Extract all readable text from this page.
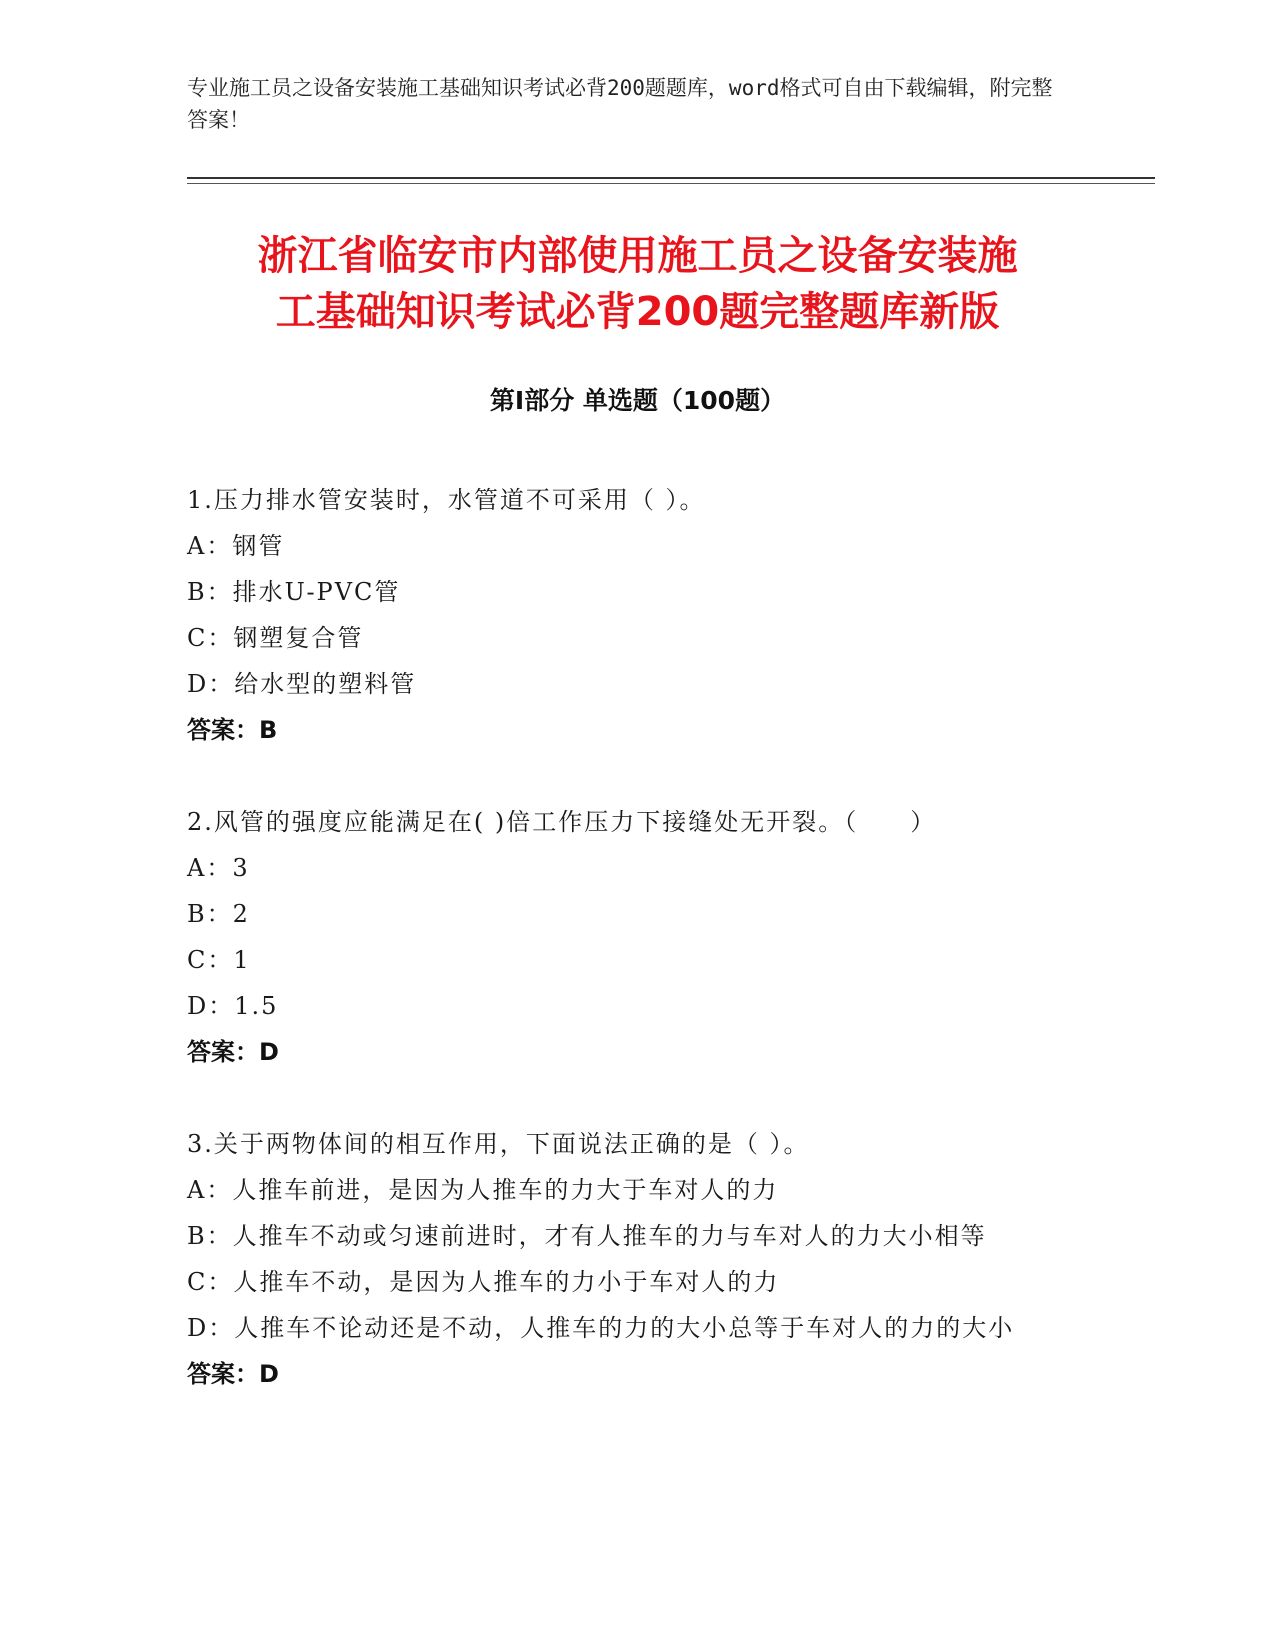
专业施工员之设备安装施工基础知识考试必背200题题库，word格式可自由下载编辑，附完整答案！
浙江省临安市内部使用施工员之设备安装施
工基础知识考试必背200题完整题库新版
第Ⅰ部分 单选题（100题）
1.压力排水管安装时，水管道不可采用（ ）。
A：钢管
B：排水U-PVC管
C：钢塑复合管
D：给水型的塑料管
答案：B
2.风管的强度应能满足在( )倍工作压力下接缝处无开裂。（　　）
A：3
B：2
C：1
D：1.5
答案：D
3.关于两物体间的相互作用，下面说法正确的是（ ）。
A：人推车前进，是因为人推车的力大于车对人的力
B：人推车不动或匀速前进时，才有人推车的力与车对人的力大小相等
C：人推车不动，是因为人推车的力小于车对人的力
D：人推车不论动还是不动，人推车的力的大小总等于车对人的力的大小
答案：D
